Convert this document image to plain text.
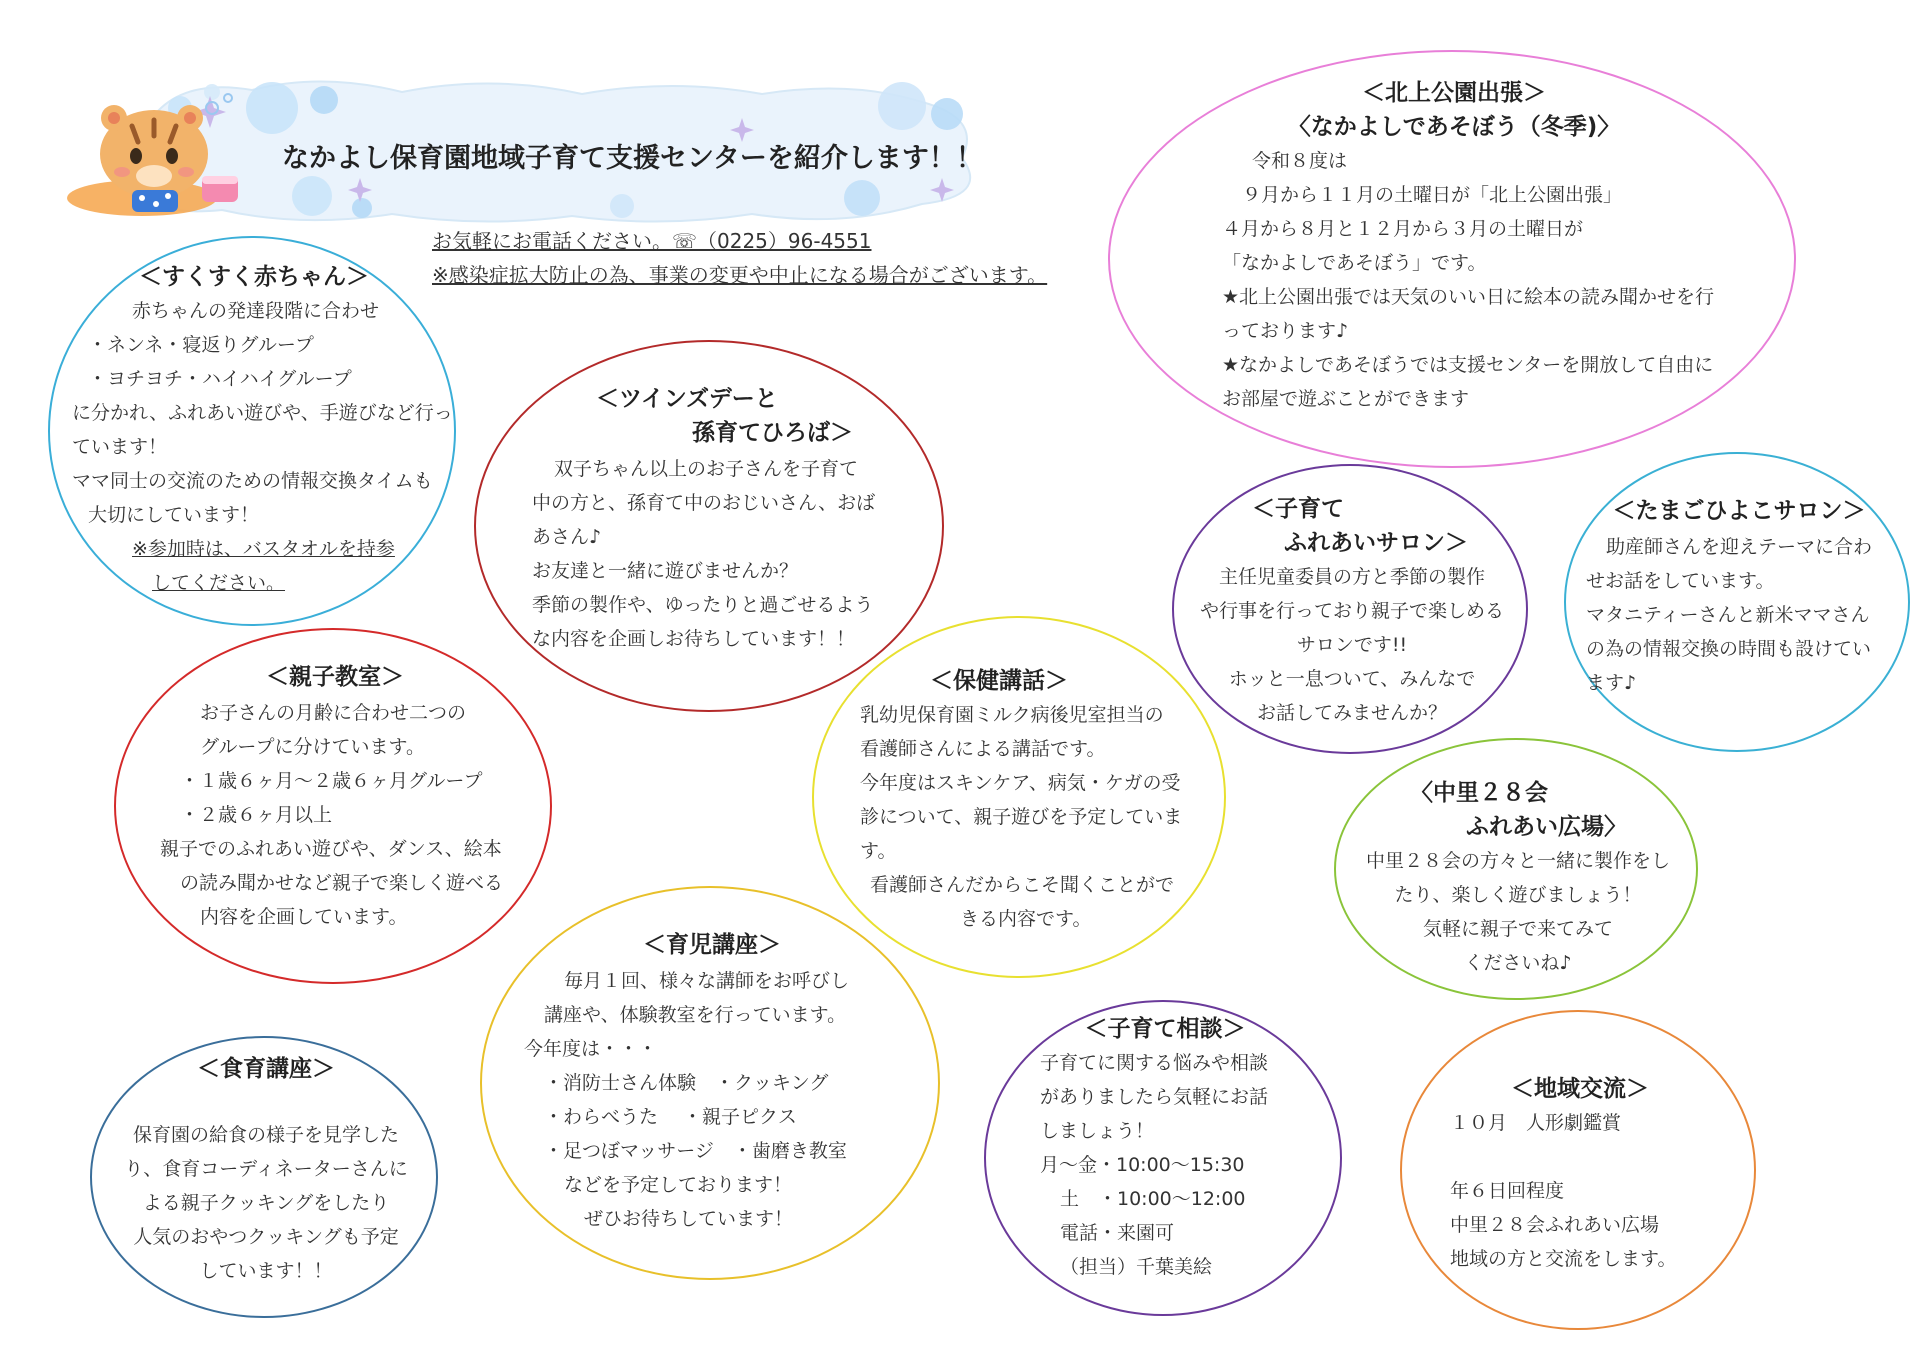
なかよし保育園地域子育て支援センターを紹介します！！
お気軽にお電話ください。☏（0225）96-4551
※感染症拡大防止の為、事業の変更や中止になる場合がございます。
＜北上公園出張＞
〈なかよしであそぼう（冬季)〉
令和８度は
９月から１１月の土曜日が「北上公園出張」
４月から８月と１２月から３月の土曜日が
「なかよしであそぼう」です。
★北上公園出張では天気のいい日に絵本の読み聞かせを行
っております♪
★なかよしであそぼうでは支援センターを開放して自由に
お部屋で遊ぶことができます
＜すくすく赤ちゃん＞
赤ちゃんの発達段階に合わせ
・ネンネ・寝返りグループ
・ヨチヨチ・ハイハイグループ
に分かれ、ふれあい遊びや、手遊びなど行っ
ています！
ママ同士の交流のための情報交換タイムも
大切にしています！
※参加時は、バスタオルを持参
してください。
＜ツインズデーと
孫育てひろば＞
双子ちゃん以上のお子さんを子育て
中の方と、孫育て中のおじいさん、おば
あさん♪
お友達と一緒に遊びませんか？
季節の製作や、ゆったりと過ごせるよう
な内容を企画しお待ちしています！！
＜子育て
ふれあいサロン＞
主任児童委員の方と季節の製作
や行事を行っており親子で楽しめる
サロンです!!
ホッと一息ついて、みんなで
お話してみませんか？
＜たまごひよこサロン＞
助産師さんを迎えテーマに合わ
せお話をしています。
マタニティーさんと新米ママさん
の為の情報交換の時間も設けてい
ます♪
＜親子教室＞
お子さんの月齢に合わせ二つの
グループに分けています。
・１歳６ヶ月～２歳６ヶ月グループ
・２歳６ヶ月以上
親子でのふれあい遊びや、ダンス、絵本
の読み聞かせなど親子で楽しく遊べる
内容を企画しています。
＜保健講話＞
乳幼児保育園ミルク病後児室担当の
看護師さんによる講話です。
今年度はスキンケア、病気・ケガの受
診について、親子遊びを予定していま
す。
看護師さんだからこそ聞くことがで
きる内容です。
〈中里２８会
ふれあい広場〉
中里２８会の方々と一緒に製作をし
たり、楽しく遊びましょう！
気軽に親子で来てみて
くださいね♪
＜育児講座＞
毎月１回、様々な講師をお呼びし
講座や、体験教室を行っています。
今年度は・・・
・消防士さん体験　・クッキング
・わらべうた　 ・親子ピクス
・足つぼマッサージ　・歯磨き教室
などを予定しております！
ぜひお待ちしています！
＜食育講座＞
保育園の給食の様子を見学した
り、食育コーディネーターさんに
よる親子クッキングをしたり
人気のおやつクッキングも予定
しています！！
＜子育て相談＞
子育てに関する悩みや相談
がありましたら気軽にお話
しましょう！
月～金・10:00～15:30
土　・10:00～12:00
電話・来園可
（担当）千葉美絵
＜地域交流＞
１０月　人形劇鑑賞
年６日回程度
中里２８会ふれあい広場
地域の方と交流をします。
